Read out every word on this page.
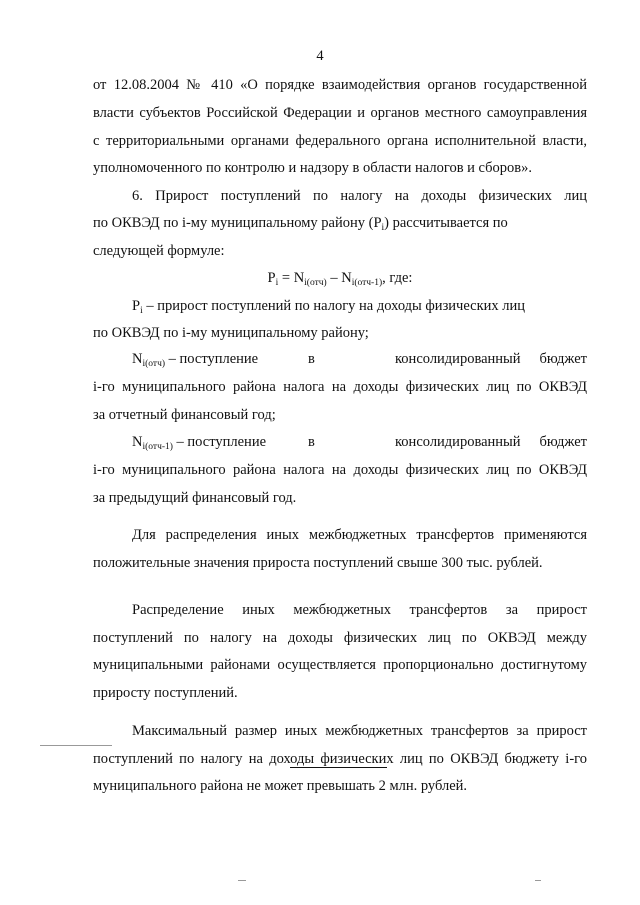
4
от 12.08.2004 № 410 «О порядке взаимодействия органов государственной
власти субъектов Российской Федерации и органов местного самоуправления
с территориальными органами федерального органа исполнительной власти,
уполномоченного по контролю и надзору в области налогов и сборов».
6. Прирост поступлений по налогу на доходы физических лиц
по ОКВЭД по i-му муниципальному району $(P_i)$ рассчитывается по
следующей формуле:
$P_i = N_{i(отч)} - N_{i(отч-1)}$, где:
$P_i$ – прирост поступлений по налогу на доходы физических лиц
по ОКВЭД по i-му муниципальному району;
$N_{i(отч)}$ – поступление	в	консолидированный бюджет
i-го муниципального района налога на доходы физических лиц по ОКВЭД
за отчетный финансовый год;
$N_{i(отч-1)}$ – поступление	в	консолидированный бюджет
i-го муниципального района налога на доходы физических лиц по ОКВЭД
за предыдущий финансовый год.
Для распределения иных межбюджетных трансфертов применяются
положительные значения прироста поступлений свыше 300 тыс. рублей.
Распределение иных межбюджетных трансфертов за прирост
поступлений по налогу на доходы физических лиц по ОКВЭД между
муниципальными районами осуществляется пропорционально достигнутому
приросту поступлений.
Максимальный размер иных межбюджетных трансфертов за прирост
поступлений по налогу на доходы физических лиц по ОКВЭД бюджету i-го
муниципального района не может превышать 2 млн. рублей.
